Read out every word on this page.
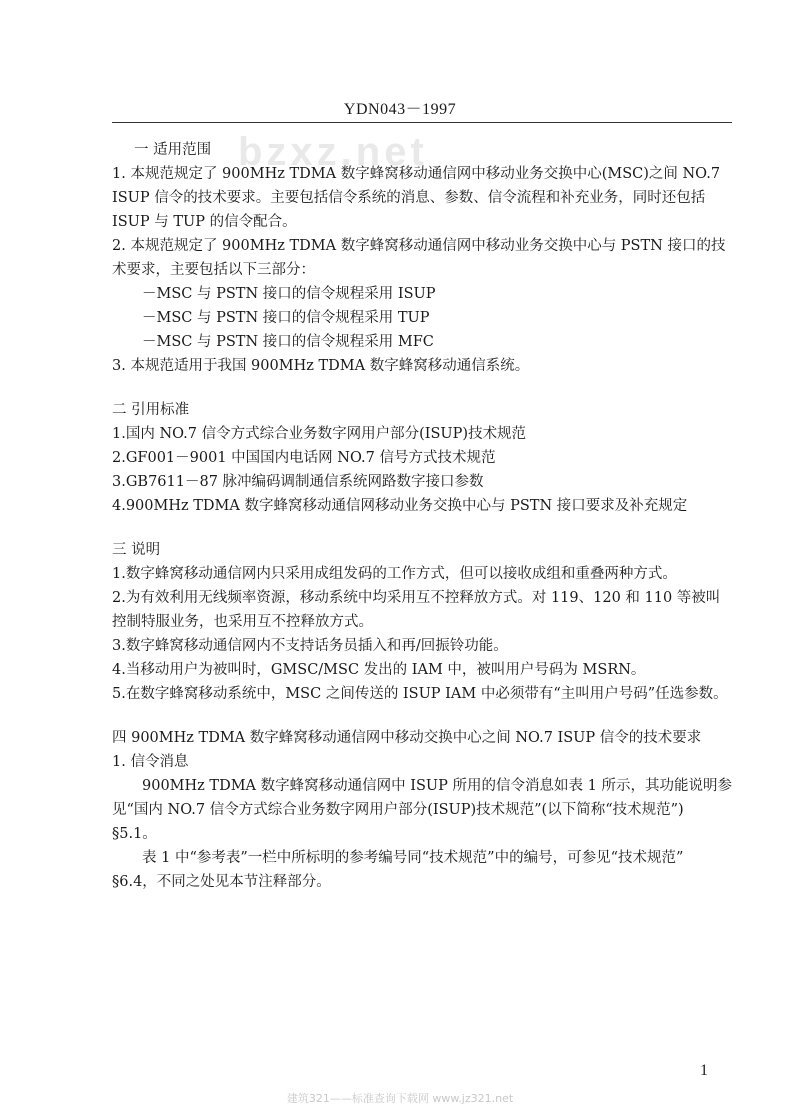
YDN043－1997
bzxz.net

一 适用范围

1. 本规范规定了 900MHz TDMA 数字蜂窝移动通信网中移动业务交换中心(MSC)之间 NO.7 ISUP 信令的技术要求。主要包括信令系统的消息、参数、信令流程和补充业务，同时还包括 ISUP 与 TUP 的信令配合。

2. 本规范规定了 900MHz TDMA 数字蜂窝移动通信网中移动业务交换中心与 PSTN 接口的技术要求，主要包括以下三部分：

－MSC 与 PSTN 接口的信令规程采用 ISUP

－MSC 与 PSTN 接口的信令规程采用 TUP

－MSC 与 PSTN 接口的信令规程采用 MFC

3. 本规范适用于我国 900MHz TDMA 数字蜂窝移动通信系统。

二 引用标准

1.国内 NO.7 信令方式综合业务数字网用户部分(ISUP)技术规范

2.GF001－9001 中国国内电话网 NO.7 信号方式技术规范

3.GB7611－87 脉冲编码调制通信系统网路数字接口参数

4.900MHz TDMA 数字蜂窝移动通信网移动业务交换中心与 PSTN 接口要求及补充规定

三 说明

1.数字蜂窝移动通信网内只采用成组发码的工作方式，但可以接收成组和重叠两种方式。

2.为有效利用无线频率资源，移动系统中均采用互不控释放方式。对 119、120 和 110 等被叫控制特服业务，也采用互不控释放方式。

3.数字蜂窝移动通信网内不支持话务员插入和再/回振铃功能。

4.当移动用户为被叫时，GMSC/MSC 发出的 IAM 中，被叫用户号码为 MSRN。

5.在数字蜂窝移动系统中，MSC 之间传送的 ISUP IAM 中必须带有“主叫用户号码”任选参数。

四 900MHz TDMA 数字蜂窝移动通信网中移动交换中心之间 NO.7 ISUP 信令的技术要求

1. 信令消息

900MHz TDMA 数字蜂窝移动通信网中 ISUP 所用的信令消息如表 1 所示，其功能说明参见“国内 NO.7 信令方式综合业务数字网用户部分(ISUP)技术规范”(以下简称“技术规范”) §5.1。

表 1 中“参考表”一栏中所标明的参考编号同“技术规范”中的编号，可参见“技术规范” §6.4，不同之处见本节注释部分。

1
建筑321——标准查询下载网 www.jz321.net
